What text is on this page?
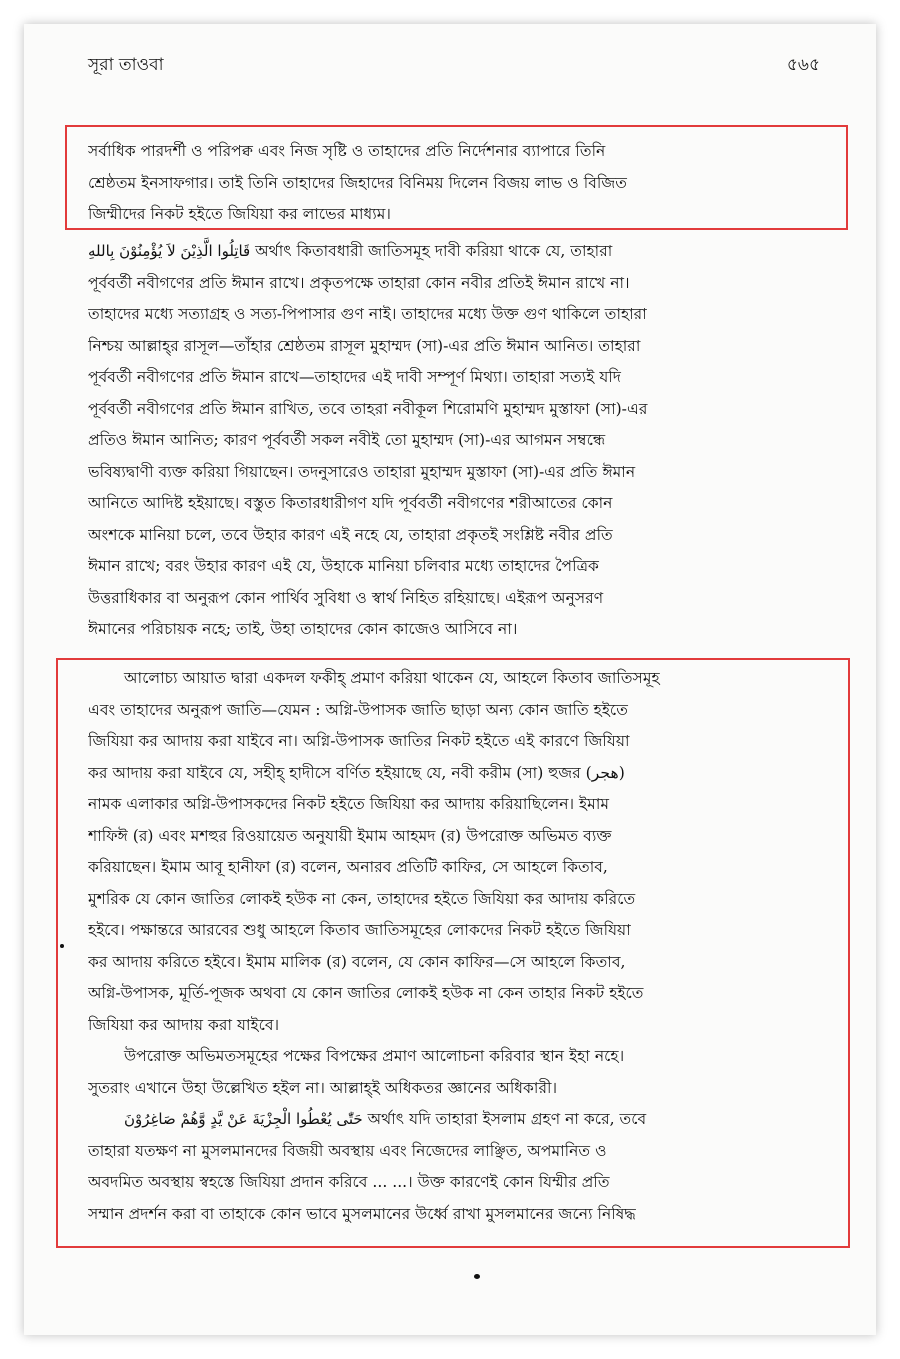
সূরা তাওবা	৫৬৫
সর্বাধিক পারদর্শী ও পরিপক্ব এবং নিজ সৃষ্টি ও তাহাদের প্রতি নির্দেশনার ব্যাপারে তিনি
শ্রেষ্ঠতম ইনসাফগার। তাই তিনি তাহাদের জিহাদের বিনিময় দিলেন বিজয় লাভ ও বিজিত
জিম্মীদের নিকট হইতে জিযিয়া কর লাভের মাধ্যম।
قَاتِلُوا الَّذِيْنَ لاَ يُؤْمِنُوْنَ بِاللهِ অর্থাৎ কিতাবধারী জাতিসমূহ দাবী করিয়া থাকে যে, তাহারা
পূর্ববর্তী নবীগণের প্রতি ঈমান রাখে। প্রকৃতপক্ষে তাহারা কোন নবীর প্রতিই ঈমান রাখে না।
তাহাদের মধ্যে সত্যাগ্রহ ও সত্য-পিপাসার গুণ নাই। তাহাদের মধ্যে উক্ত গুণ থাকিলে তাহারা
নিশ্চয় আল্লাহ্‌র রাসূল—তাঁহার শ্রেষ্ঠতম রাসূল মুহাম্মদ (সা)-এর প্রতি ঈমান আনিত। তাহারা
পূর্ববর্তী নবীগণের প্রতি ঈমান রাখে—তাহাদের এই দাবী সম্পূর্ণ মিথ্যা। তাহারা সত্যই যদি
পূর্ববর্তী নবীগণের প্রতি ঈমান রাখিত, তবে তাহরা নবীকূল শিরোমণি মুহাম্মদ মুস্তাফা (সা)-এর
প্রতিও ঈমান আনিত; কারণ পূর্ববর্তী সকল নবীই তো মুহাম্মদ (সা)-এর আগমন সম্বন্ধে
ভবিষ্যদ্বাণী ব্যক্ত করিয়া গিয়াছেন। তদনুসারেও তাহারা মুহাম্মদ মুস্তাফা (সা)-এর প্রতি ঈমান
আনিতে আদিষ্ট হইয়াছে। বস্তুত কিতারধারীগণ যদি পূর্ববর্তী নবীগণের শরীআতের কোন
অংশকে মানিয়া চলে, তবে উহার কারণ এই নহে যে, তাহারা প্রকৃতই সংশ্লিষ্ট নবীর প্রতি
ঈমান রাখে; বরং উহার কারণ এই যে, উহাকে মানিয়া চলিবার মধ্যে তাহাদের পৈত্রিক
উত্তরাধিকার বা অনুরূপ কোন পার্থিব সুবিধা ও স্বার্থ নিহিত রহিয়াছে। এইরূপ অনুসরণ
ঈমানের পরিচায়ক নহে; তাই, উহা তাহাদের কোন কাজেও আসিবে না।
আলোচ্য আয়াত দ্বারা একদল ফকীহ্‌ প্রমাণ করিয়া থাকেন যে, আহলে কিতাব জাতিসমূহ
এবং তাহাদের অনুরূপ জাতি—যেমন : অগ্নি-উপাসক জাতি ছাড়া অন্য কোন জাতি হইতে
জিযিয়া কর আদায় করা যাইবে না। অগ্নি-উপাসক জাতির নিকট হইতে এই কারণে জিযিয়া
কর আদায় করা যাইবে যে, সহীহ্‌ হাদীসে বর্ণিত হইয়াছে যে, নবী করীম (সা) হুজর (هجر)
নামক এলাকার অগ্নি-উপাসকদের নিকট হইতে জিযিয়া কর আদায় করিয়াছিলেন। ইমাম
শাফিঈ (র) এবং মশহুর রিওয়ায়েত অনুযায়ী ইমাম আহমদ (র) উপরোক্ত অভিমত ব্যক্ত
করিয়াছেন। ইমাম আবূ হানীফা (র) বলেন, অনারব প্রতিটি কাফির, সে আহলে কিতাব,
মুশরিক যে কোন জাতির লোকই হউক না কেন, তাহাদের হইতে জিযিয়া কর আদায় করিতে
হইবে। পক্ষান্তরে আরবের শুধু আহলে কিতাব জাতিসমূহের লোকদের নিকট হইতে জিযিয়া
কর আদায় করিতে হইবে। ইমাম মালিক (র) বলেন, যে কোন কাফির—সে আহলে কিতাব,
অগ্নি-উপাসক, মূর্তি-পূজক অথবা যে কোন জাতির লোকই হউক না কেন তাহার নিকট হইতে
জিযিয়া কর আদায় করা যাইবে।
উপরোক্ত অভিমতসমূহের পক্ষের বিপক্ষের প্রমাণ আলোচনা করিবার স্থান ইহা নহে।
সুতরাং এখানে উহা উল্লেখিত হইল না। আল্লাহ্‌ই অধিকতর জ্ঞানের অধিকারী।
حَتّٰى يُعْطُوا الْجِزْيَةَ عَنْ يَّدٍ وَّهُمْ صَاغِرُوْنَ অর্থাৎ যদি তাহারা ইসলাম গ্রহণ না করে, তবে
তাহারা যতক্ষণ না মুসলমানদের বিজয়ী অবস্থায় এবং নিজেদের লাঞ্ছিত, অপমানিত ও
অবদমিত অবস্থায় স্বহস্তে জিযিয়া প্রদান করিবে ... ...। উক্ত কারণেই কোন যিম্মীর প্রতি
সম্মান প্রদর্শন করা বা তাহাকে কোন ভাবে মুসলমানের উর্ধ্বে রাখা মুসলমানের জন্যে নিষিদ্ধ
